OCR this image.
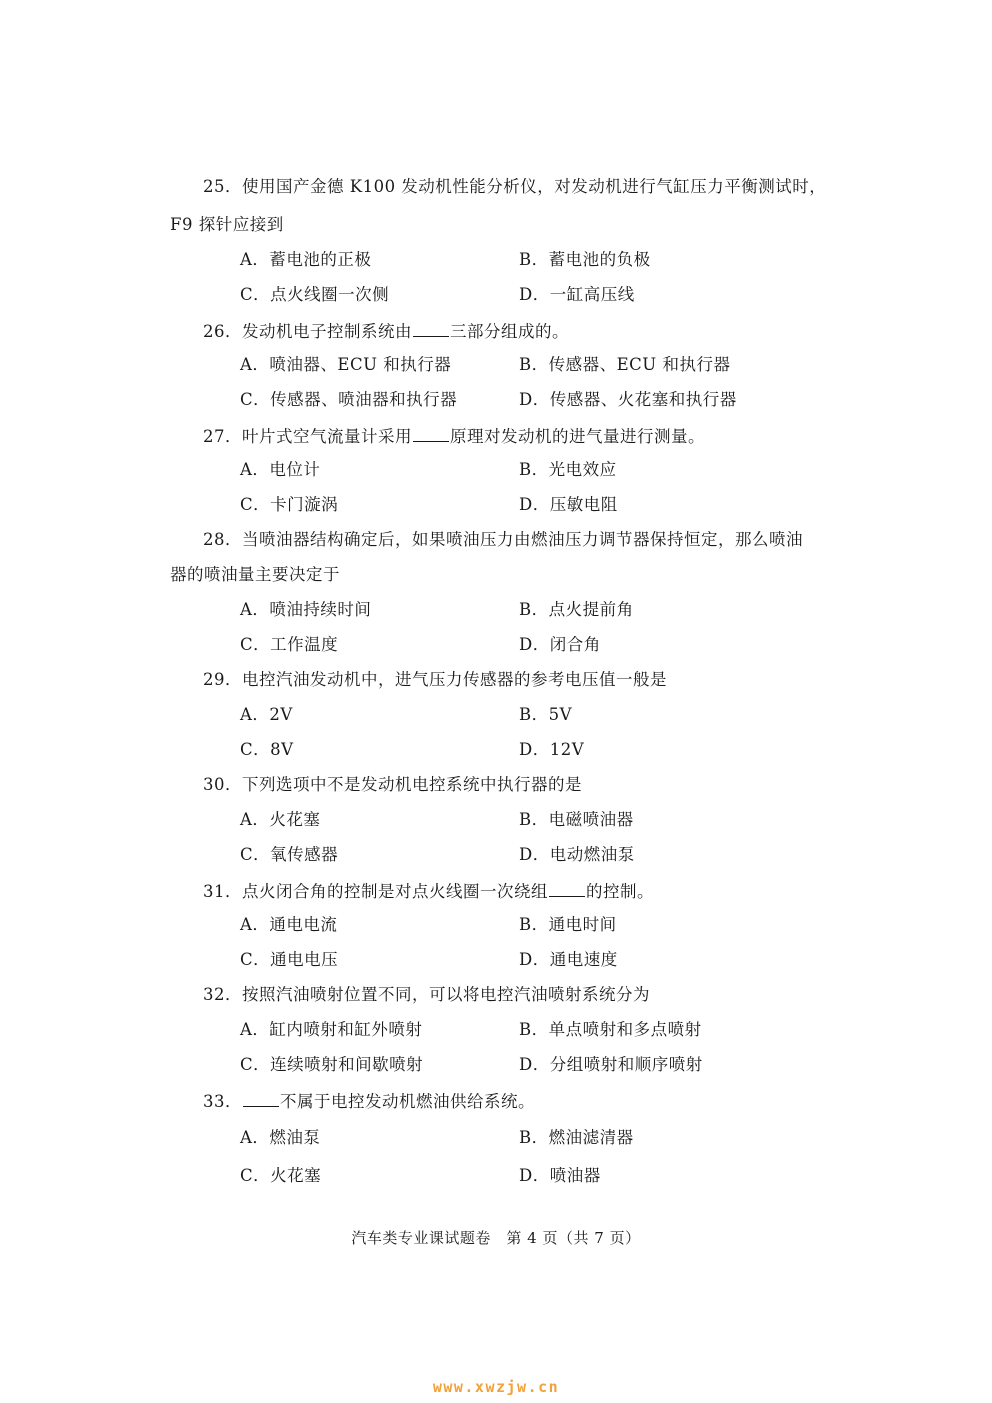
25．使用国产金德 K100 发动机性能分析仪，对发动机进行气缸压力平衡测试时，
F9 探针应接到
A．蓄电池的正极	B．蓄电池的负极
C．点火线圈一次侧	D．一缸高压线
26．发动机电子控制系统由 三部分组成的。
A．喷油器、ECU 和执行器	B．传感器、ECU 和执行器
C．传感器、喷油器和执行器	D．传感器、火花塞和执行器
27．叶片式空气流量计采用 原理对发动机的进气量进行测量。
A．电位计	B．光电效应
C．卡门漩涡	D．压敏电阻
28．当喷油器结构确定后，如果喷油压力由燃油压力调节器保持恒定，那么喷油
器的喷油量主要决定于
A．喷油持续时间	B．点火提前角
C．工作温度	D．闭合角
29．电控汽油发动机中，进气压力传感器的参考电压值一般是
A．2V	B．5V
C．8V	D．12V
30．下列选项中不是发动机电控系统中执行器的是
A．火花塞	B．电磁喷油器
C．氧传感器	D．电动燃油泵
31．点火闭合角的控制是对点火线圈一次绕组 的控制。
A．通电电流	B．通电时间
C．通电电压	D．通电速度
32．按照汽油喷射位置不同，可以将电控汽油喷射系统分为
A．缸内喷射和缸外喷射	B．单点喷射和多点喷射
C．连续喷射和间歇喷射	D．分组喷射和顺序喷射
33． 不属于电控发动机燃油供给系统。
A．燃油泵	B．燃油滤清器
C．火花塞	D．喷油器
汽车类专业课试题卷　第 4 页（共 7 页）
www.xwzjw.cn
